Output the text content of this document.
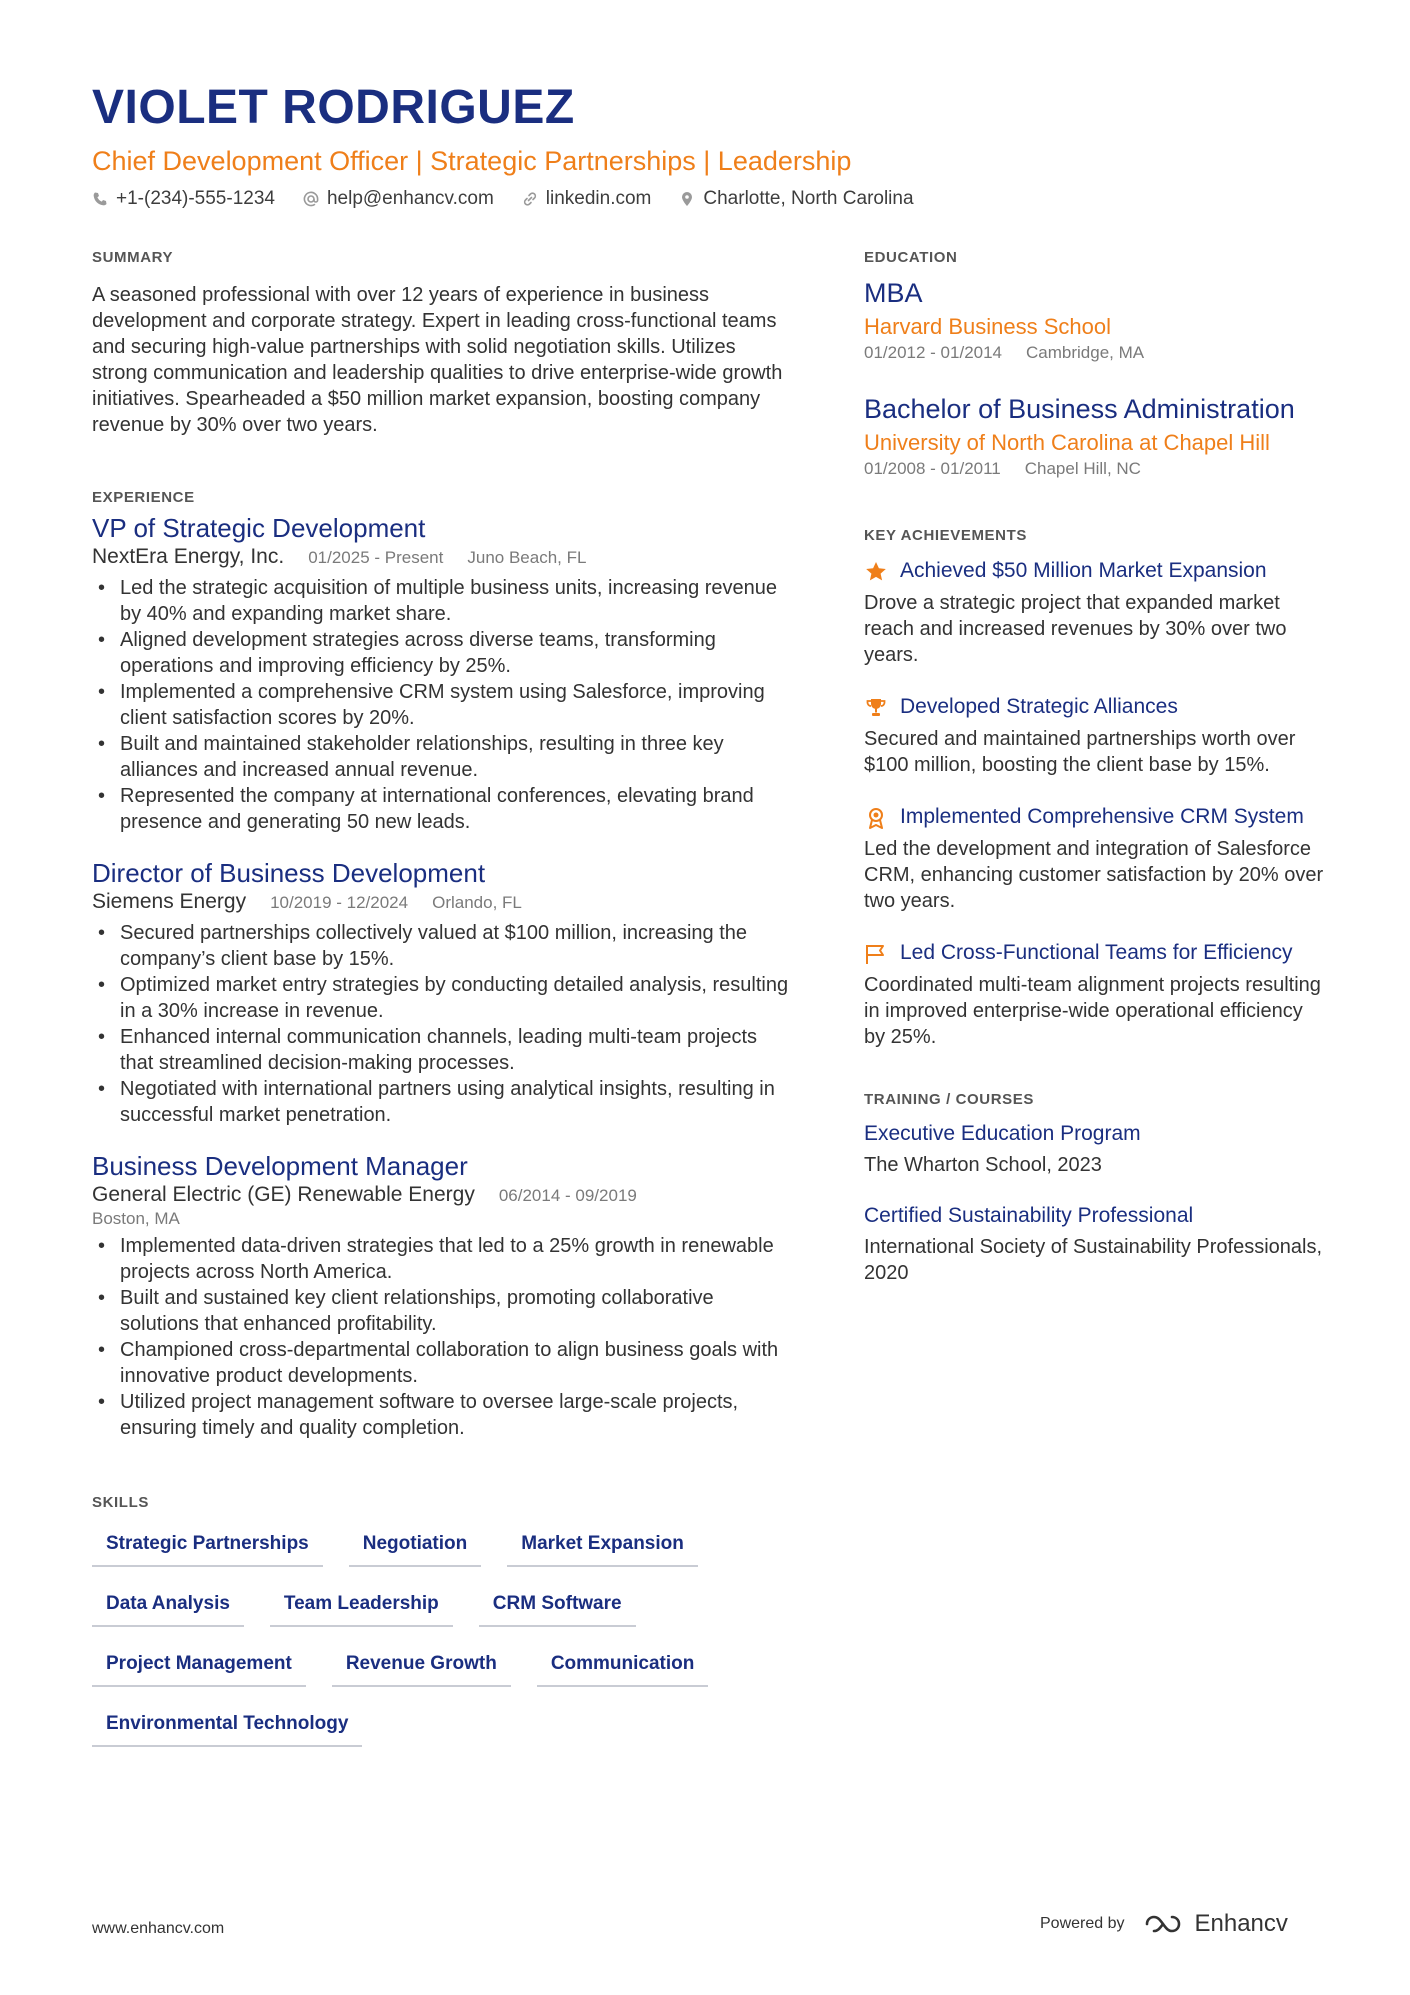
VIOLET RODRIGUEZ
Chief Development Officer | Strategic Partnerships | Leadership
+1-(234)-555-1234	help@enhancv.com	linkedin.com	Charlotte, North Carolina
SUMMARY

A seasoned professional with over 12 years of experience in business development and corporate strategy. Expert in leading cross-functional teams and securing high-value partnerships with solid negotiation skills. Utilizes strong communication and leadership qualities to drive enterprise-wide growth initiatives. Spearheaded a $50 million market expansion, boosting company revenue by 30% over two years.

EXPERIENCE
VP of Strategic Development
NextEra Energy, Inc. 01/2025 - Present Juno Beach, FL
• Led the strategic acquisition of multiple business units, increasing revenue by 40% and expanding market share.
• Aligned development strategies across diverse teams, transforming operations and improving efficiency by 25%.
• Implemented a comprehensive CRM system using Salesforce, improving client satisfaction scores by 20%.
• Built and maintained stakeholder relationships, resulting in three key alliances and increased annual revenue.
• Represented the company at international conferences, elevating brand presence and generating 50 new leads.
Director of Business Development
Siemens Energy 10/2019 - 12/2024 Orlando, FL
• Secured partnerships collectively valued at $100 million, increasing the company’s client base by 15%.
• Optimized market entry strategies by conducting detailed analysis, resulting in a 30% increase in revenue.
• Enhanced internal communication channels, leading multi-team projects that streamlined decision-making processes.
• Negotiated with international partners using analytical insights, resulting in successful market penetration.
Business Development Manager
General Electric (GE) Renewable Energy 06/2014 - 09/2019
Boston, MA
• Implemented data-driven strategies that led to a 25% growth in renewable projects across North America.
• Built and sustained key client relationships, promoting collaborative solutions that enhanced profitability.
• Championed cross-departmental collaboration to align business goals with innovative product developments.
• Utilized project management software to oversee large-scale projects, ensuring timely and quality completion.
SKILLS
Strategic Partnerships	Negotiation	Market Expansion
Data Analysis	Team Leadership	CRM Software
Project Management	Revenue Growth	Communication
Environmental Technology
EDUCATION
MBA
Harvard Business School
01/2012 - 01/2014 Cambridge, MA
Bachelor of Business Administration
University of North Carolina at Chapel Hill
01/2008 - 01/2011 Chapel Hill, NC
KEY ACHIEVEMENTS
Achieved $50 Million Market Expansion
Drove a strategic project that expanded market reach and increased revenues by 30% over two years.
Developed Strategic Alliances
Secured and maintained partnerships worth over $100 million, boosting the client base by 15%.
Implemented Comprehensive CRM System
Led the development and integration of Salesforce CRM, enhancing customer satisfaction by 20% over two years.
Led Cross-Functional Teams for Efficiency
Coordinated multi-team alignment projects resulting in improved enterprise-wide operational efficiency by 25%.
TRAINING / COURSES
Executive Education Program
The Wharton School, 2023
Certified Sustainability Professional
International Society of Sustainability Professionals, 2020
www.enhancv.com	Powered by	Enhancv
